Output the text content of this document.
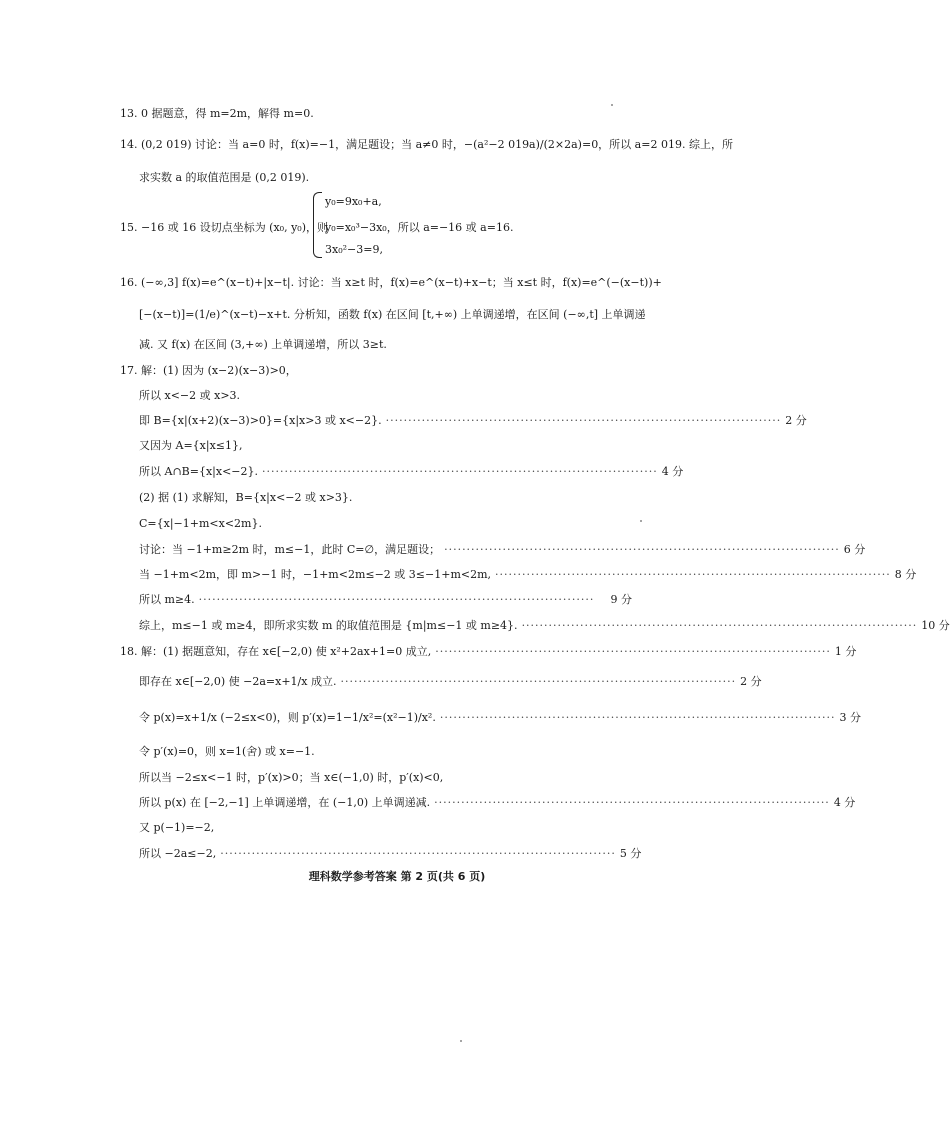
13. 0 据题意，得 m=2m，解得 m=0.
14. (0,2 019) 讨论：当 a=0 时，f(x)=−1，满足题设；当 a≠0 时，−(a²−2 019a)/(2×2a)=0，所以 a=2 019. 综上，所
求实数 a 的取值范围是 (0,2 019).
15. −16 或 16 设切点坐标为 (x₀, y₀)，则
y₀=9x₀+a,
y₀=x₀³−3x₀，所以 a=−16 或 a=16.
3x₀²−3=9,
16. (−∞,3] f(x)=e^(x−t)+|x−t|. 讨论：当 x≥t 时，f(x)=e^(x−t)+x−t；当 x≤t 时，f(x)=e^(−(x−t))+
[−(x−t)]=(1/e)^(x−t)−x+t. 分析知，函数 f(x) 在区间 [t,+∞) 上单调递增，在区间 (−∞,t] 上单调递
减. 又 f(x) 在区间 (3,+∞) 上单调递增，所以 3≥t.
17. 解：(1) 因为 (x−2)(x−3)>0，
所以 x<−2 或 x>3.
即 B={x|(x+2)(x−3)>0}={x|x>3 或 x<−2}. ························································································ 2 分
又因为 A={x|x≤1},
所以 A∩B={x|x<−2}. ························································································ 4 分
(2) 据 (1) 求解知，B={x|x<−2 或 x>3}.
C={x|−1+m<x<2m}.
讨论：当 −1+m≥2m 时，m≤−1，此时 C=∅，满足题设； ························································································ 6 分
当 −1+m<2m，即 m>−1 时，−1+m<2m≤−2 或 3≤−1+m<2m, ························································································ 8 分
所以 m≥4. ························································································	9 分
综上，m≤−1 或 m≥4，即所求实数 m 的取值范围是 {m|m≤−1 或 m≥4}. ························································································ 10 分
18. 解：(1) 据题意知，存在 x∈[−2,0) 使 x²+2ax+1=0 成立, ························································································ 1 分
即存在 x∈[−2,0) 使 −2a=x+1/x 成立. ························································································ 2 分
令 p(x)=x+1/x (−2≤x<0)，则 p′(x)=1−1/x²=(x²−1)/x². ························································································ 3 分
令 p′(x)=0，则 x=1(舍) 或 x=−1.
所以当 −2≤x<−1 时，p′(x)>0；当 x∈(−1,0) 时，p′(x)<0,
所以 p(x) 在 [−2,−1] 上单调递增，在 (−1,0) 上单调递减. ························································································ 4 分
又 p(−1)=−2,
所以 −2a≤−2, ························································································ 5 分
理科数学参考答案 第 2 页(共 6 页)
